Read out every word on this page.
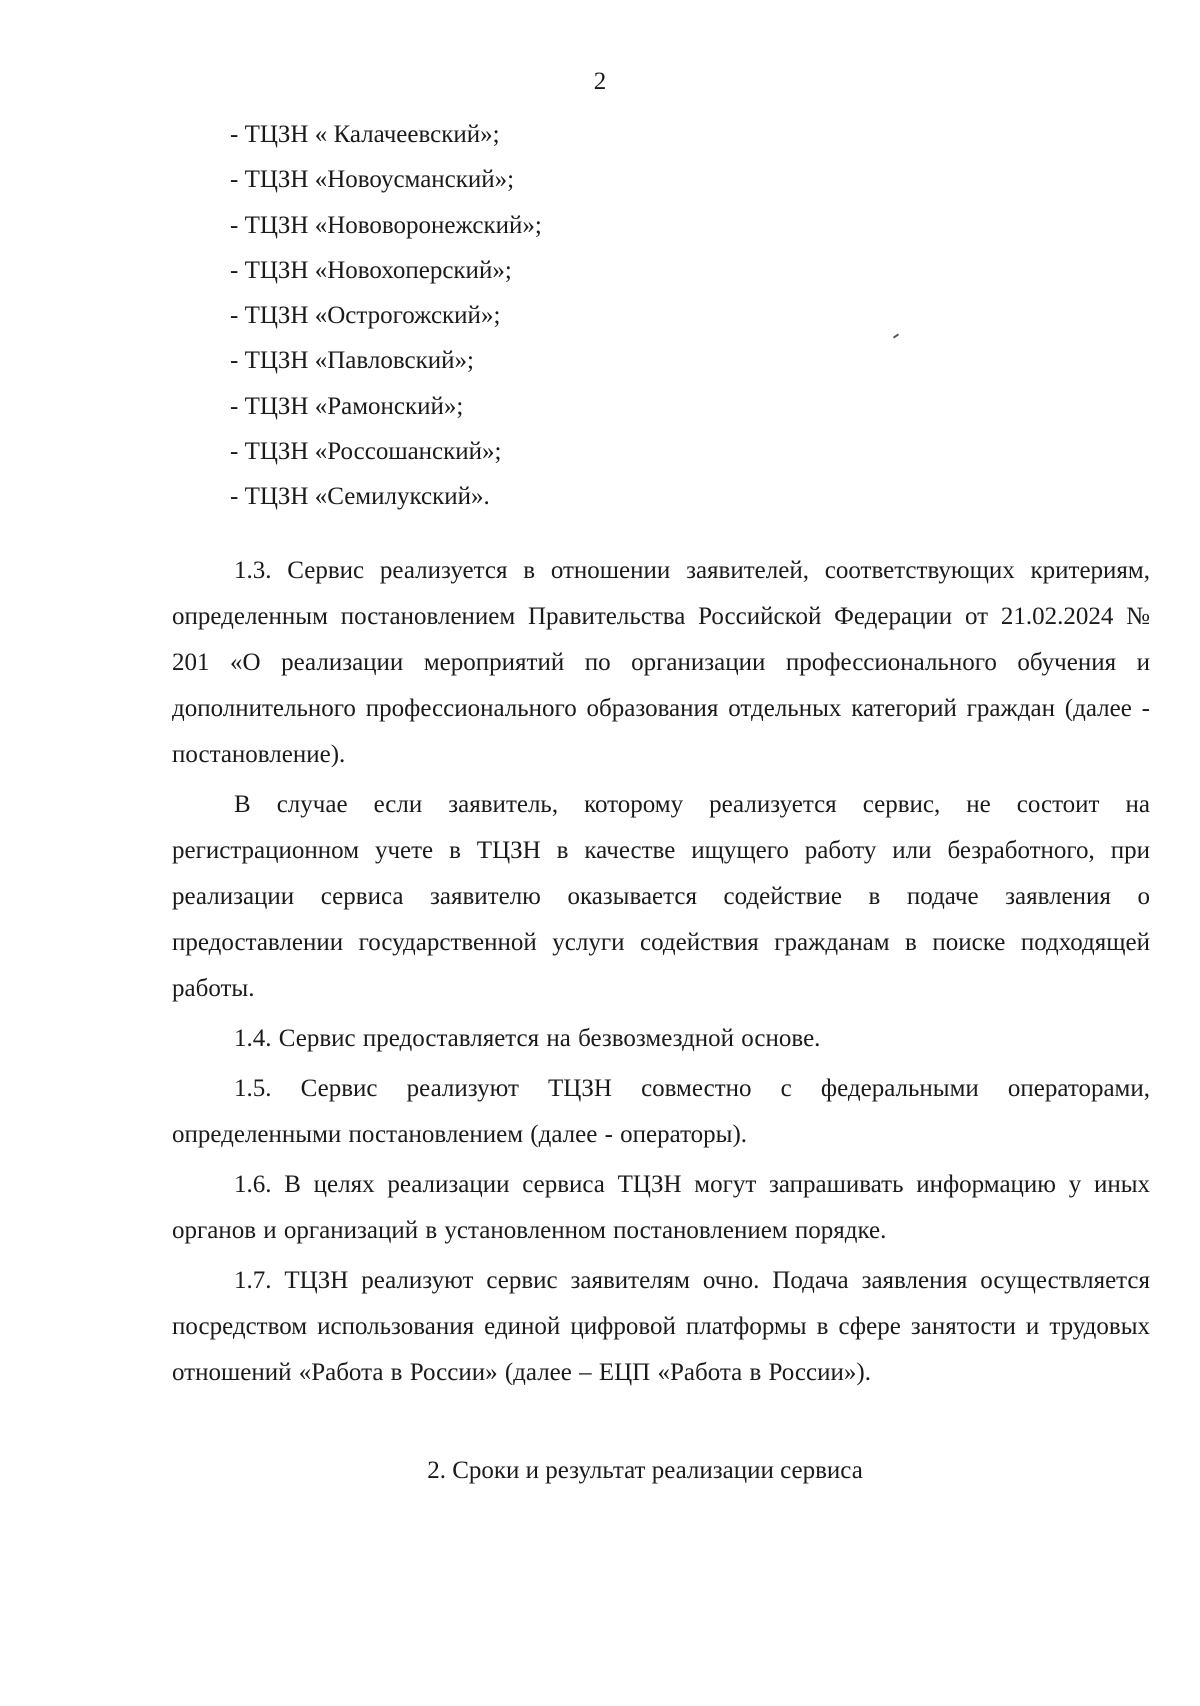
2
- ТЦЗН « Калачеевский»;
- ТЦЗН «Новоусманский»;
- ТЦЗН «Нововоронежский»;
- ТЦЗН «Новохоперский»;
- ТЦЗН «Острогожский»;
- ТЦЗН «Павловский»;
- ТЦЗН «Рамонский»;
- ТЦЗН «Россошанский»;
- ТЦЗН «Семилукский».

1.3. Сервис реализуется в отношении заявителей, соответствующих критериям, определенным постановлением Правительства Российской Федерации от 21.02.2024 № 201 «О реализации мероприятий по организации профессионального обучения и дополнительного профессионального образования отдельных категорий граждан (далее - постановление).

В случае если заявитель, которому реализуется сервис, не состоит на регистрационном учете в ТЦЗН в качестве ищущего работу или безработного, при реализации сервиса заявителю оказывается содействие в подаче заявления о предоставлении государственной услуги содействия гражданам в поиске подходящей работы.

1.4. Сервис предоставляется на безвозмездной основе.

1.5. Сервис реализуют ТЦЗН совместно с федеральными операторами, определенными постановлением (далее - операторы).

1.6. В целях реализации сервиса ТЦЗН могут запрашивать информацию у иных органов и организаций в установленном постановлением порядке.

1.7. ТЦЗН реализуют сервис заявителям очно. Подача заявления осуществляется посредством использования единой цифровой платформы в сфере занятости и трудовых отношений «Работа в России» (далее – ЕЦП «Работа в России»).

2. Сроки и результат реализации сервиса
